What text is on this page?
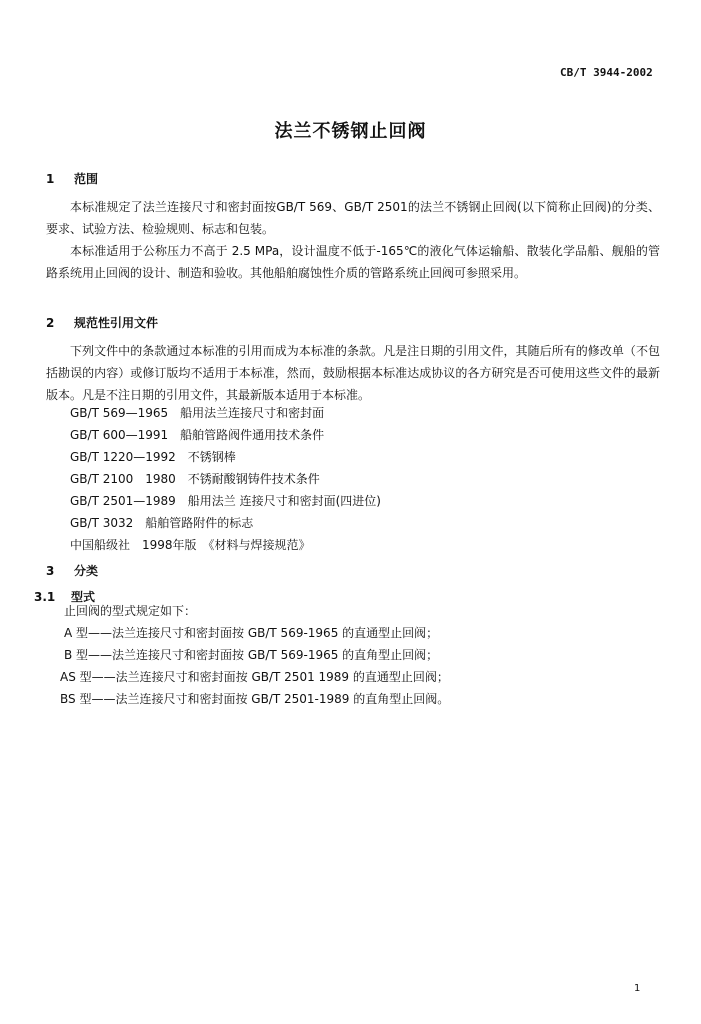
CB/T 3944-2002
法兰不锈钢止回阀
1 范围

本标准规定了法兰连接尺寸和密封面按GB/T 569、GB/T 2501的法兰不锈钢止回阀(以下简称止回阀)的分类、要求、试验方法、检验规则、标志和包装。

本标准适用于公称压力不高于 2.5 MPa，设计温度不低于-165℃的液化气体运输船、散装化学品船、舰船的管路系统用止回阀的设计、制造和验收。其他船舶腐蚀性介质的管路系统止回阀可参照采用。

2 规范性引用文件

下列文件中的条款通过本标准的引用而成为本标准的条款。凡是注日期的引用文件，其随后所有的修改单（不包括勘误的内容）或修订版均不适用于本标准，然而，鼓励根据本标准达成协议的各方研究是否可使用这些文件的最新版本。凡是不注日期的引用文件，其最新版本适用于本标准。

GB/T 569—1965　船用法兰连接尺寸和密封面
GB/T 600—1991　船舶管路阀件通用技术条件
GB/T 1220—1992　不锈钢棒
GB/T 2100　1980　不锈耐酸钢铸件技术条件
GB/T 2501—1989　船用法兰 连接尺寸和密封面(四进位)
GB/T 3032　船舶管路附件的标志
中国船级社　1998年版　《材料与焊接规范》
3 分类
3.1 型式
止回阀的型式规定如下：
A 型——法兰连接尺寸和密封面按 GB/T 569-1965 的直通型止回阀；
B 型——法兰连接尺寸和密封面按 GB/T 569-1965 的直角型止回阀；
AS 型——法兰连接尺寸和密封面按 GB/T 2501 1989 的直通型止回阀；
BS 型——法兰连接尺寸和密封面按 GB/T 2501-1989 的直角型止回阀。
1
